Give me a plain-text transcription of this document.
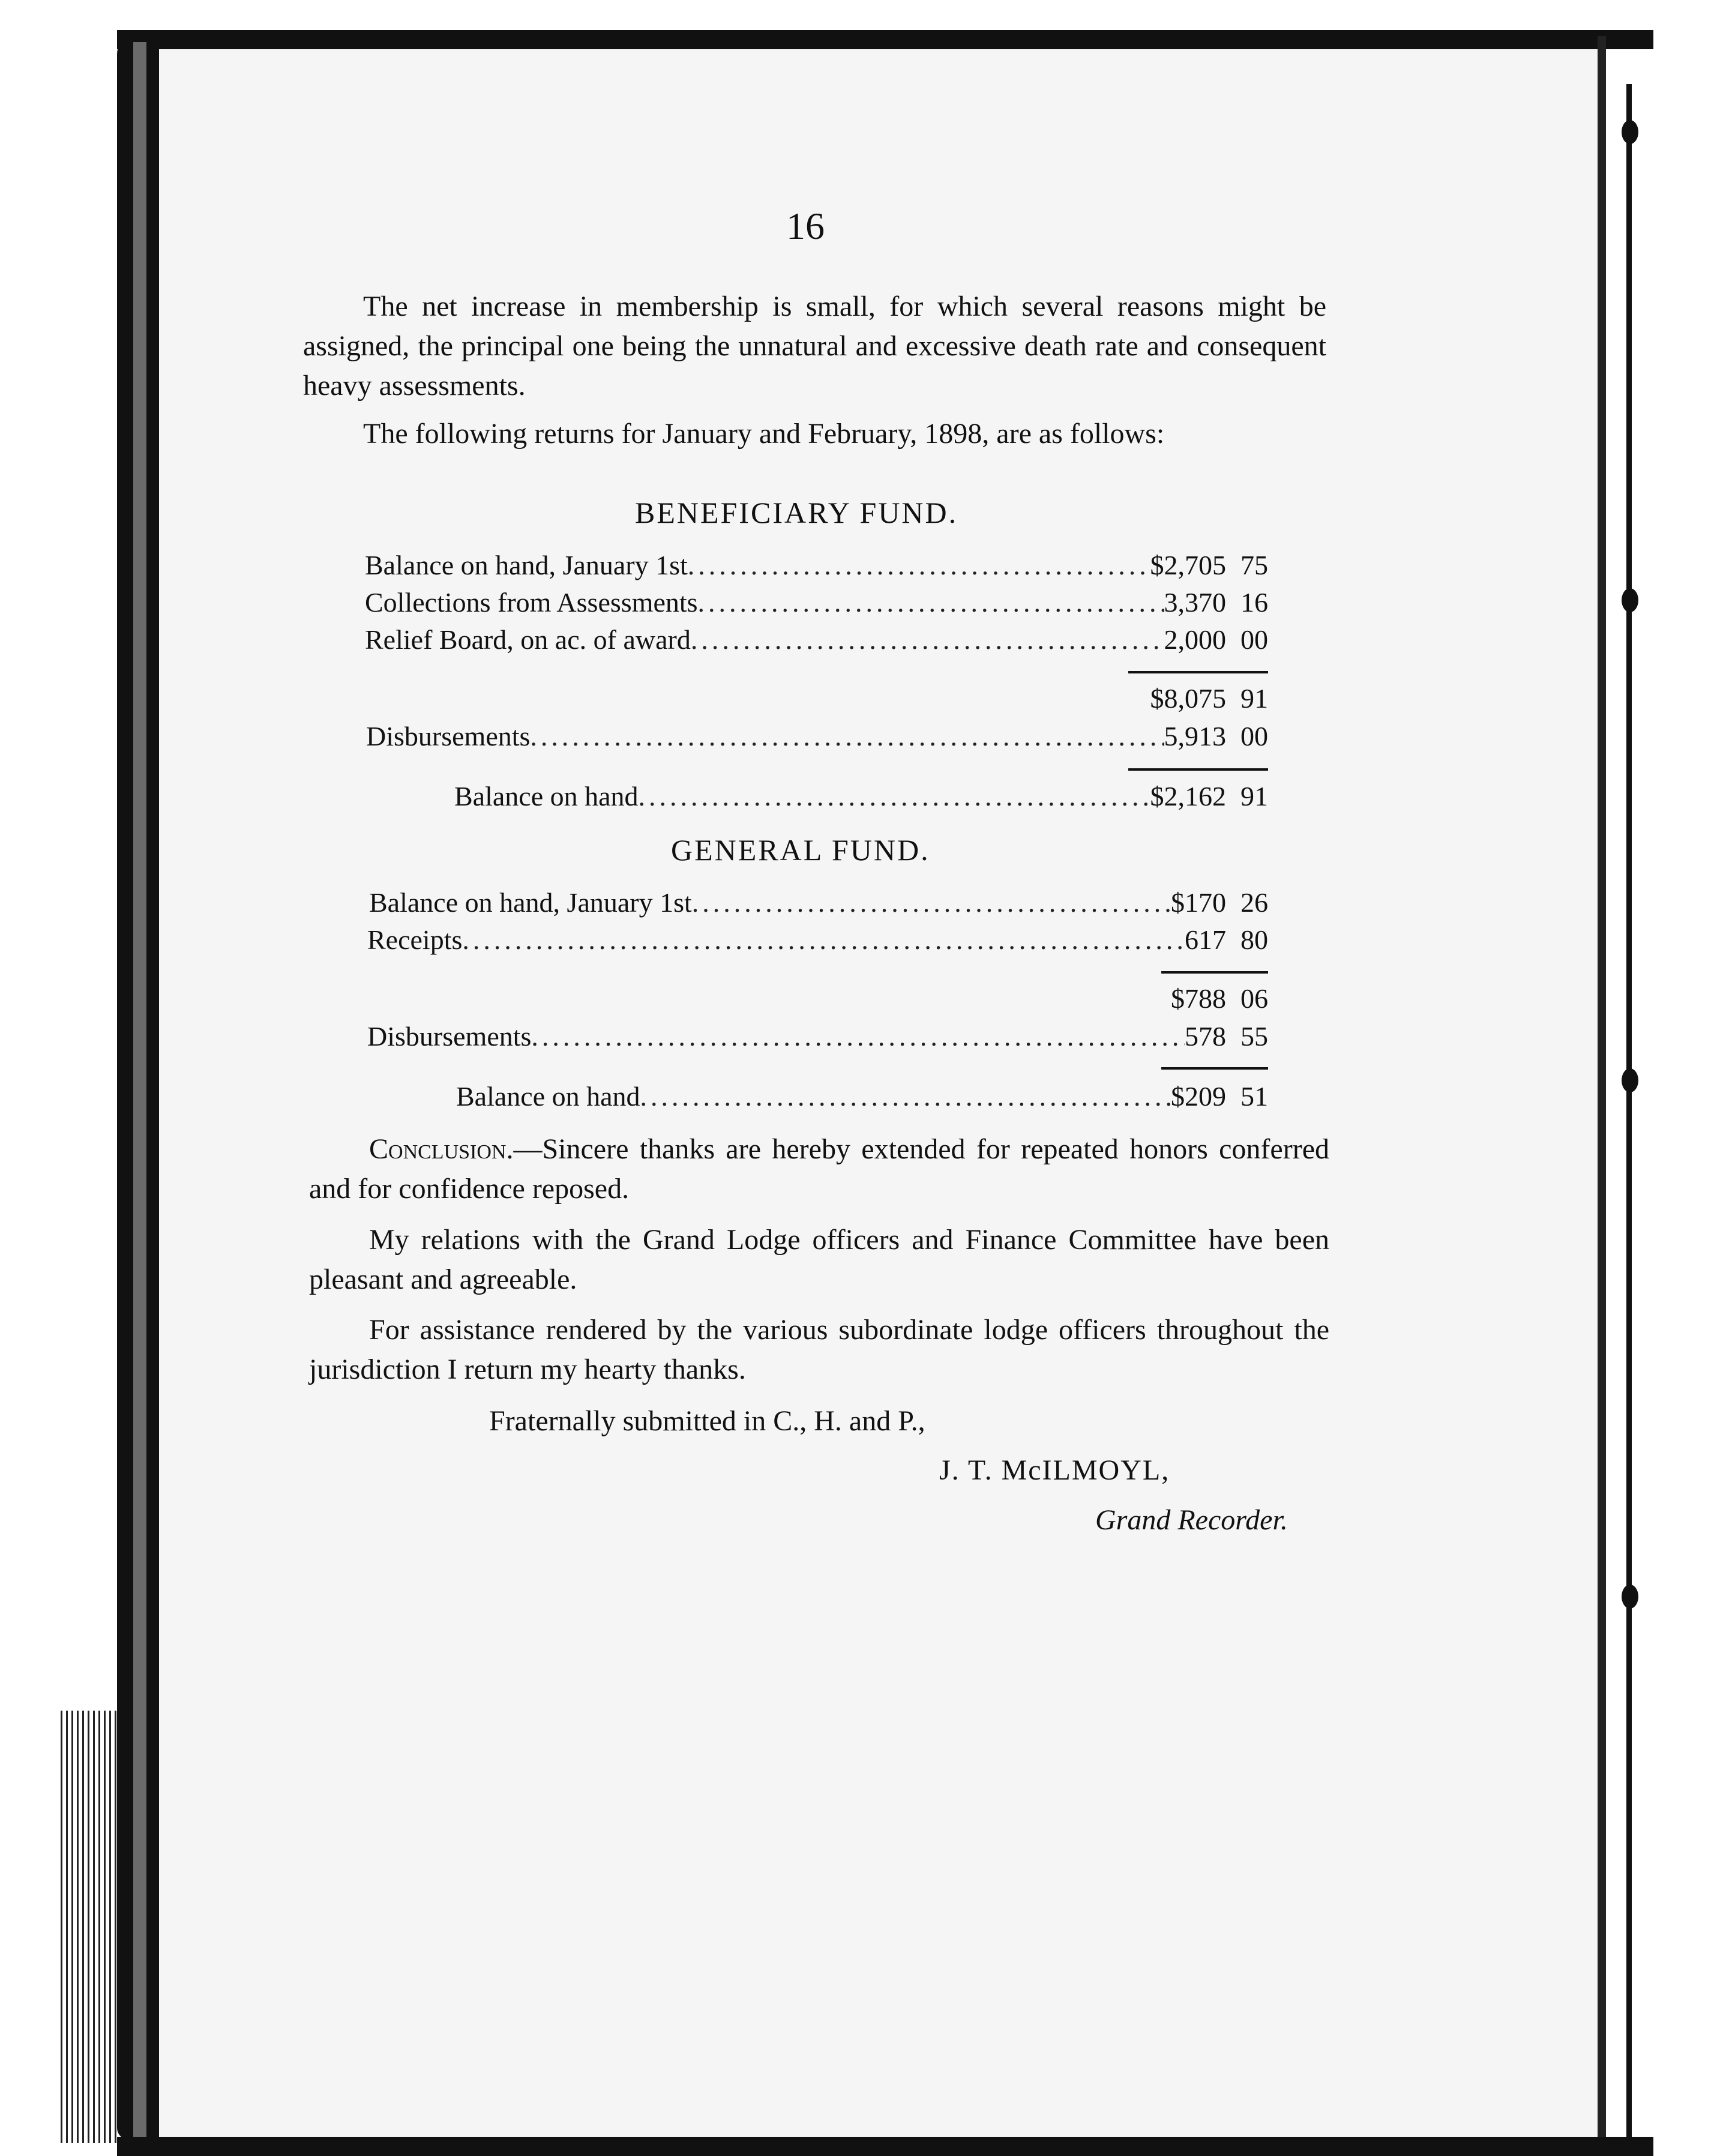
16

The net increase in membership is small, for which several reasons might be assigned, the principal one being the unnatural and excessive death rate and consequent heavy assessments.

The following returns for January and February, 1898, are as follows:

BENEFICIARY FUND.
Balance on hand, January 1st .....	$2,705 75
Collections from Assessments .....	3,370 16
Relief Board, on ac. of award .....	2,000 00
$8,075 91
Disbursements .....	5,913 00
Balance on hand .....	$2,162 91
GENERAL FUND.
Balance on hand, January 1st .....	$170 26
Receipts .....	617 80
$788 06
Disbursements .....	578 55
Balance on hand .....	$209 51

Conclusion.—Sincere thanks are hereby extended for repeated honors conferred and for confidence reposed.

My relations with the Grand Lodge officers and Finance Committee have been pleasant and agreeable.

For assistance rendered by the various subordinate lodge officers throughout the jurisdiction I return my hearty thanks.

Fraternally submitted in C., H. and P.,
J. T. McILMOYL,
Grand Recorder.
